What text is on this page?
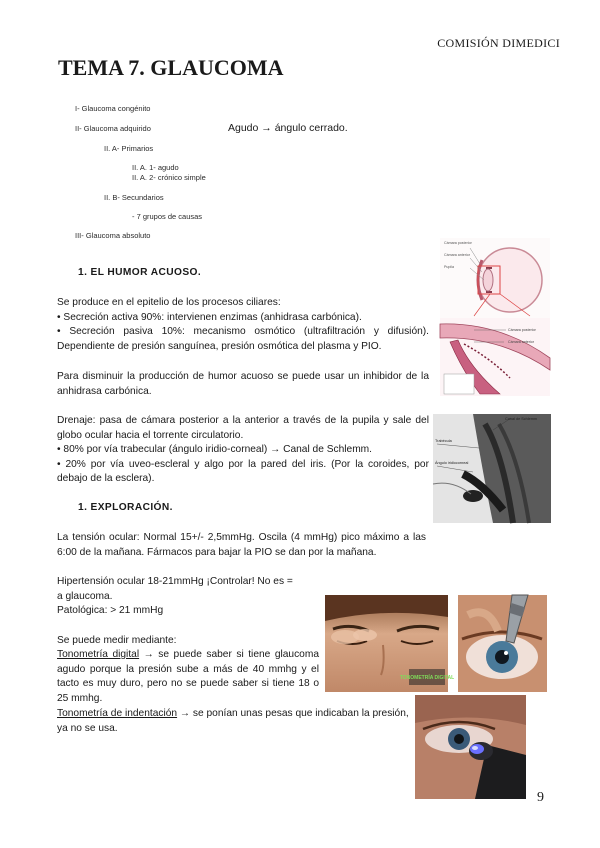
COMISIÓN DIMEDICI
TEMA 7. GLAUCOMA
I- Glaucoma congénito
II- Glaucoma adquirido	Agudo → ángulo cerrado.
II. A- Primarios
II. A. 1- agudo
II. A. 2- crónico simple
II. B- Secundarios
- 7 grupos de causas
III- Glaucoma absoluto
1. EL HUMOR ACUOSO.
Se produce en el epitelio de los procesos ciliares:
• Secreción activa 90%: intervienen enzimas (anhidrasa carbónica).
• Secreción pasiva 10%: mecanismo osmótico (ultrafiltración y difusión). Dependiente de presión sanguínea, presión osmótica del plasma y PIO.
Para disminuir la producción de humor acuoso se puede usar un inhibidor de la anhidrasa carbónica.
Drenaje: pasa de cámara posterior a la anterior a través de la pupila y sale del globo ocular hacia el torrente circulatorio.
• 80% por vía trabecular (ángulo iridio-corneal) → Canal de Schlemm.
• 20% por vía uveo-escleral y algo por la pared del iris. (Por la coroides, por debajo de la esclera).
1. EXPLORACIÓN.
La tensión ocular: Normal 15+/- 2,5mmHg. Oscila (4 mmHg) pico máximo a las 6:00 de la mañana. Fármacos para bajar la PIO se dan por la mañana.
Hipertensión ocular 18-21mmHg ¡Controlar! No es =
a glaucoma.
Patológica: > 21 mmHg
Se puede medir mediante:
Tonometría digital → se puede saber si tiene glaucoma agudo porque la presión sube a más de 40 mmhg y el tacto es muy duro, pero no se puede saber si tiene 18 o 25 mmhg.
Tonometría de indentación → se ponían unas pesas que indicaban la presión, ya no se usa.
Cámara posterior
Cámara anterior
Pupila
Cámara posterior
Cámara anterior
Canal de Schlemm
Trabécula
Ángulo iridiocorneal
TONOMETRÍA DIGITAL
9
